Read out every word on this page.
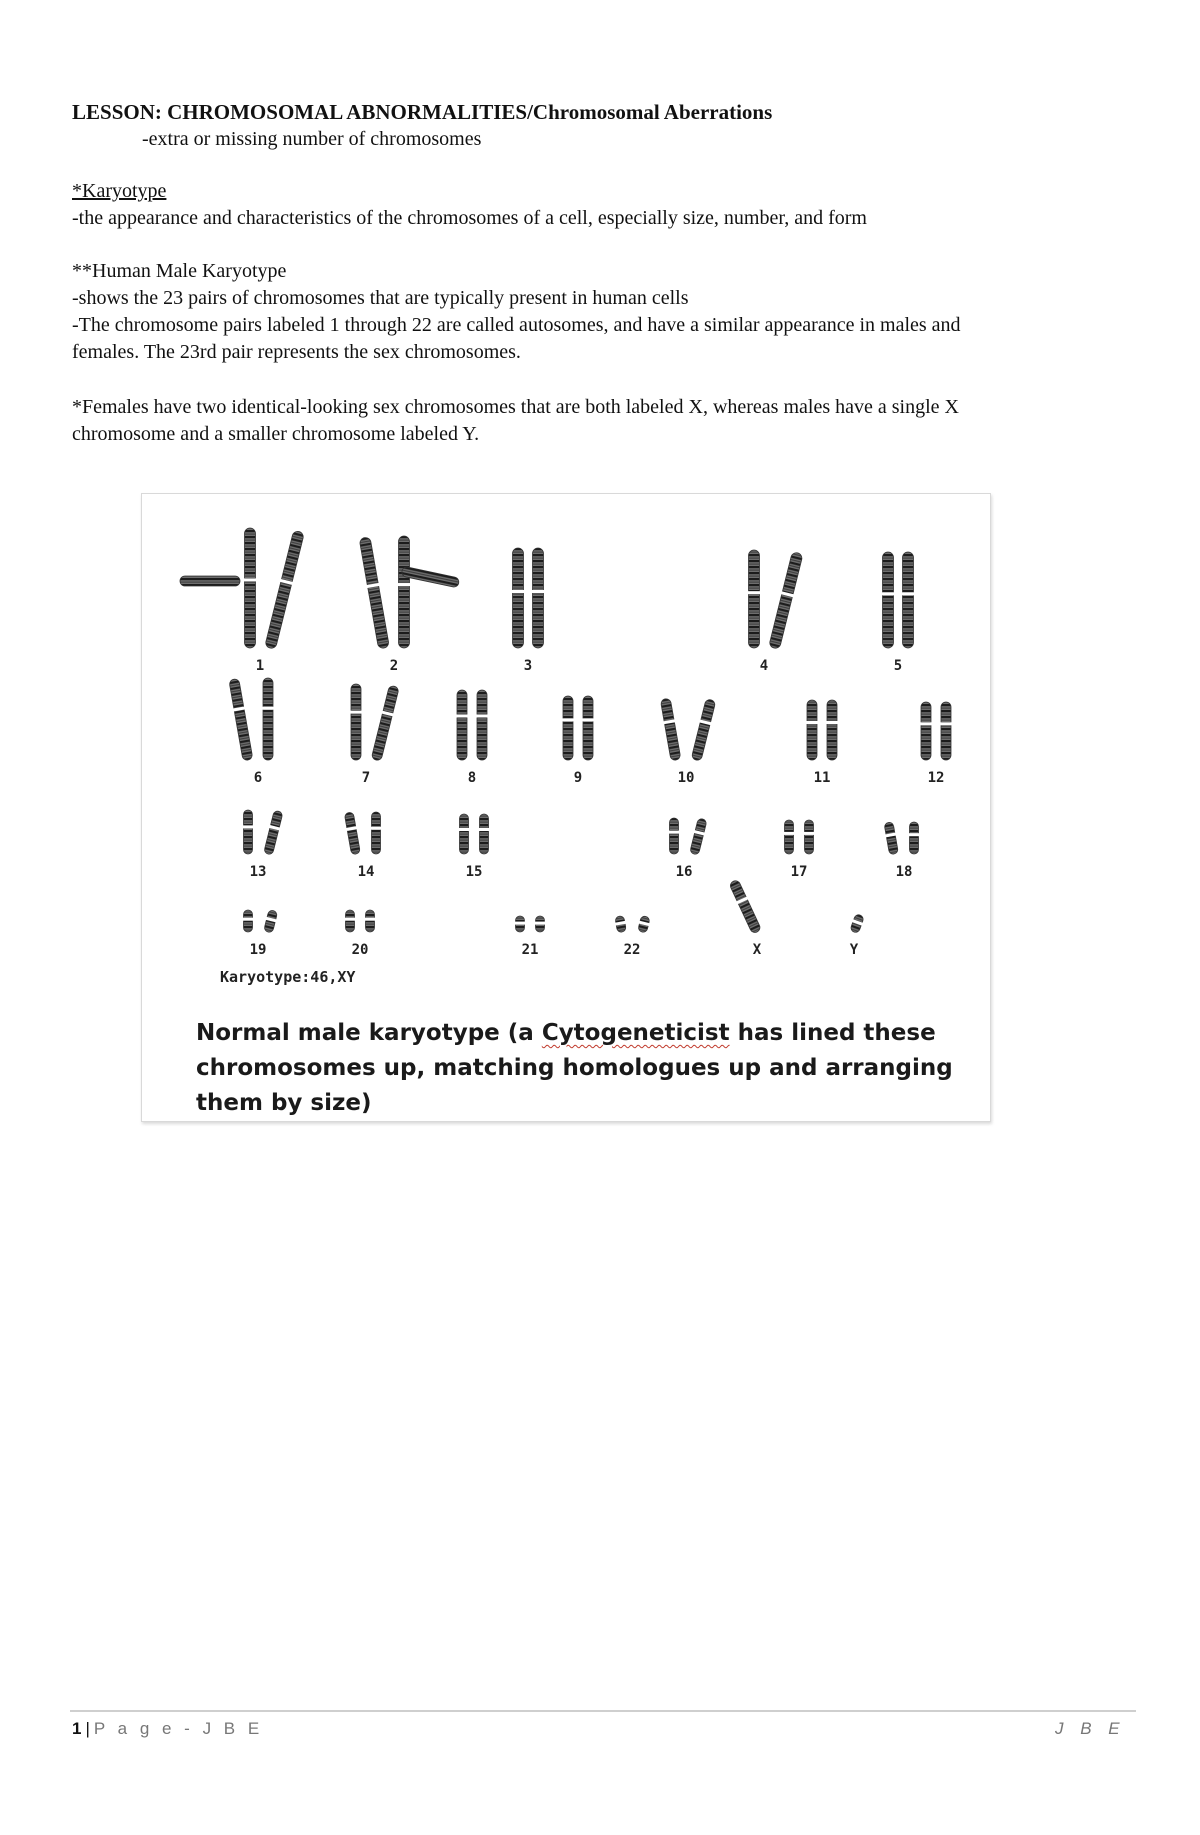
LESSON: CHROMOSOMAL ABNORMALITIES/Chromosomal Aberrations
-extra or missing number of chromosomes
*Karyotype
-the appearance and characteristics of the chromosomes of a cell, especially size, number, and form
**Human Male Karyotype
-shows the 23 pairs of chromosomes that are typically present in human cells
-The chromosome pairs labeled 1 through 22 are called autosomes, and have a similar appearance in males and
females. The 23rd pair represents the sex chromosomes.
*Females have two identical-looking sex chromosomes that are both labeled X, whereas males have a single X
chromosome and a smaller chromosome labeled Y.
1	2	3	4	5
6	7	8	9	10	11	12
13	14	15	16	17	18
19	20	21	22	X	Y
Karyotype:46,XY
Normal male karyotype (a Cytogeneticist has lined these chromosomes up, matching homologues up and arranging them by size)
1 | P a g e - J B E	J B E
